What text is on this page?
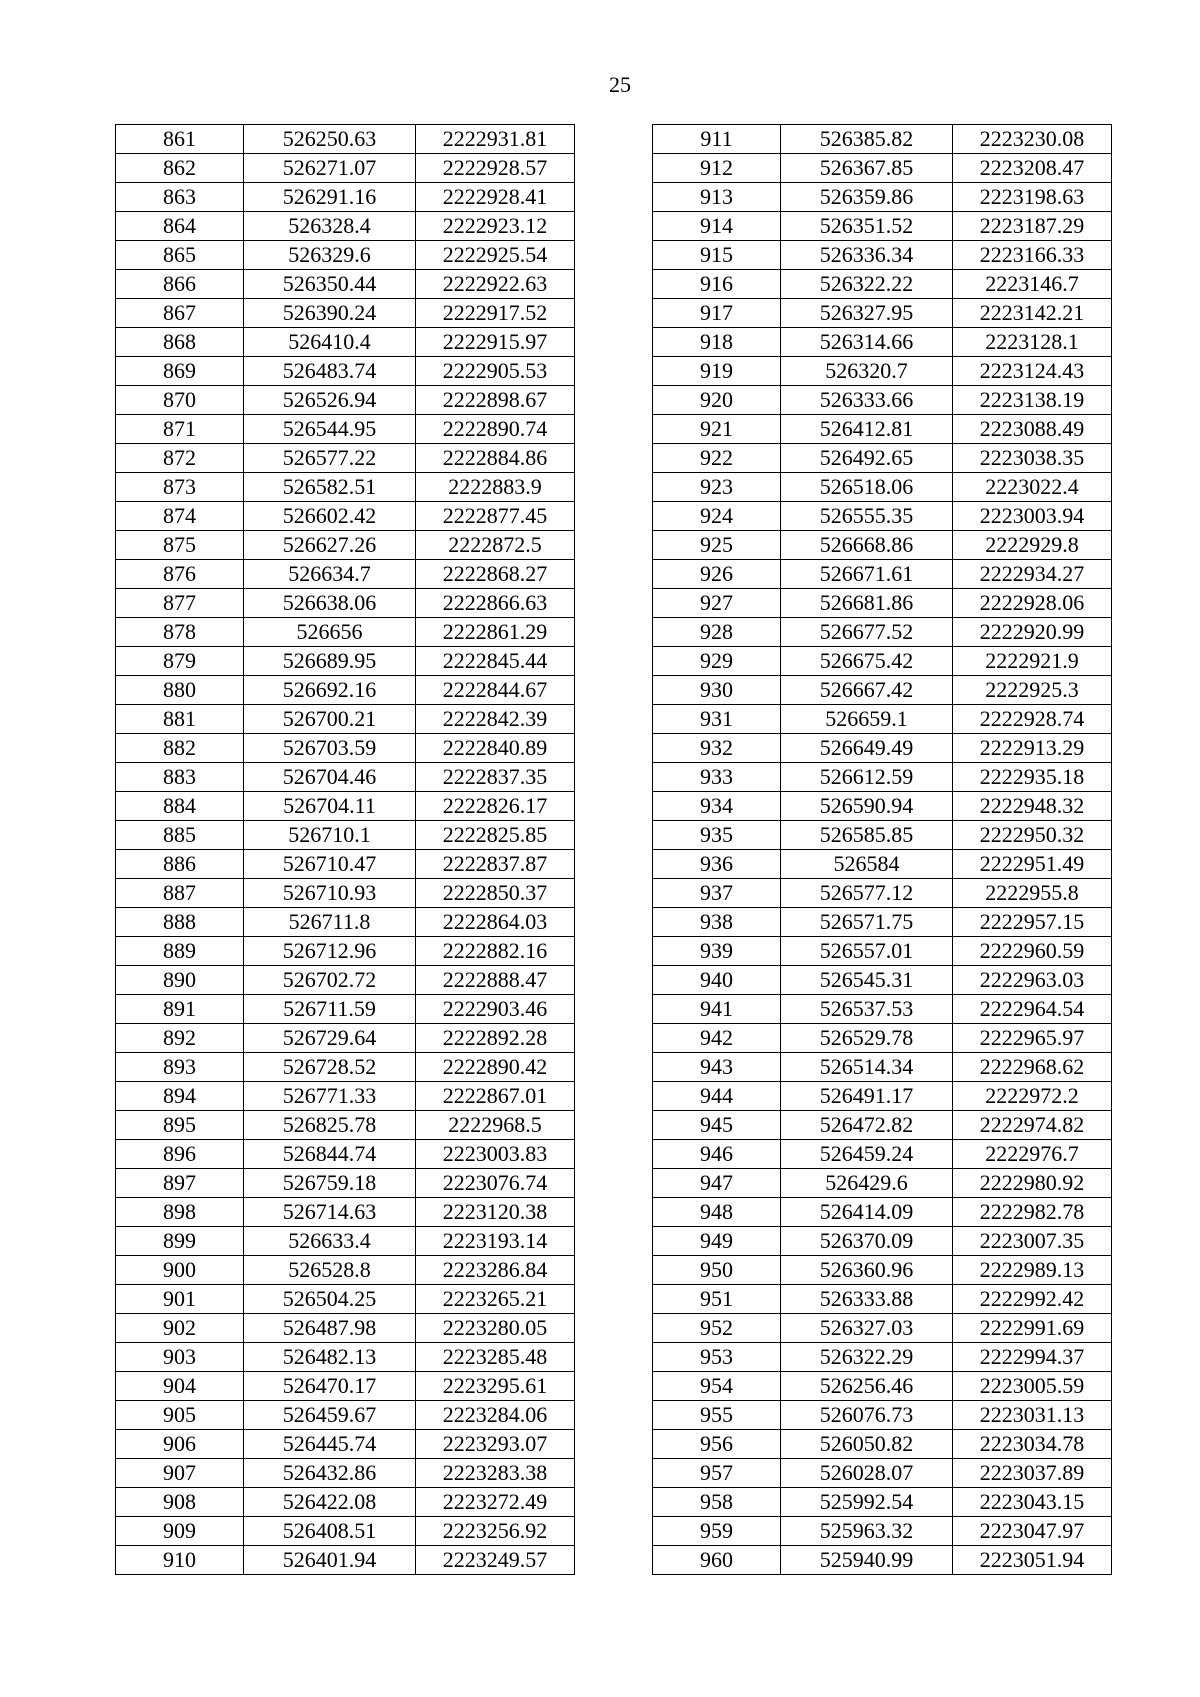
25
861	526250.63	2222931.81
862	526271.07	2222928.57
863	526291.16	2222928.41
864	526328.4	2222923.12
865	526329.6	2222925.54
866	526350.44	2222922.63
867	526390.24	2222917.52
868	526410.4	2222915.97
869	526483.74	2222905.53
870	526526.94	2222898.67
871	526544.95	2222890.74
872	526577.22	2222884.86
873	526582.51	2222883.9
874	526602.42	2222877.45
875	526627.26	2222872.5
876	526634.7	2222868.27
877	526638.06	2222866.63
878	526656	2222861.29
879	526689.95	2222845.44
880	526692.16	2222844.67
881	526700.21	2222842.39
882	526703.59	2222840.89
883	526704.46	2222837.35
884	526704.11	2222826.17
885	526710.1	2222825.85
886	526710.47	2222837.87
887	526710.93	2222850.37
888	526711.8	2222864.03
889	526712.96	2222882.16
890	526702.72	2222888.47
891	526711.59	2222903.46
892	526729.64	2222892.28
893	526728.52	2222890.42
894	526771.33	2222867.01
895	526825.78	2222968.5
896	526844.74	2223003.83
897	526759.18	2223076.74
898	526714.63	2223120.38
899	526633.4	2223193.14
900	526528.8	2223286.84
901	526504.25	2223265.21
902	526487.98	2223280.05
903	526482.13	2223285.48
904	526470.17	2223295.61
905	526459.67	2223284.06
906	526445.74	2223293.07
907	526432.86	2223283.38
908	526422.08	2223272.49
909	526408.51	2223256.92
910	526401.94	2223249.57
911	526385.82	2223230.08
912	526367.85	2223208.47
913	526359.86	2223198.63
914	526351.52	2223187.29
915	526336.34	2223166.33
916	526322.22	2223146.7
917	526327.95	2223142.21
918	526314.66	2223128.1
919	526320.7	2223124.43
920	526333.66	2223138.19
921	526412.81	2223088.49
922	526492.65	2223038.35
923	526518.06	2223022.4
924	526555.35	2223003.94
925	526668.86	2222929.8
926	526671.61	2222934.27
927	526681.86	2222928.06
928	526677.52	2222920.99
929	526675.42	2222921.9
930	526667.42	2222925.3
931	526659.1	2222928.74
932	526649.49	2222913.29
933	526612.59	2222935.18
934	526590.94	2222948.32
935	526585.85	2222950.32
936	526584	2222951.49
937	526577.12	2222955.8
938	526571.75	2222957.15
939	526557.01	2222960.59
940	526545.31	2222963.03
941	526537.53	2222964.54
942	526529.78	2222965.97
943	526514.34	2222968.62
944	526491.17	2222972.2
945	526472.82	2222974.82
946	526459.24	2222976.7
947	526429.6	2222980.92
948	526414.09	2222982.78
949	526370.09	2223007.35
950	526360.96	2222989.13
951	526333.88	2222992.42
952	526327.03	2222991.69
953	526322.29	2222994.37
954	526256.46	2223005.59
955	526076.73	2223031.13
956	526050.82	2223034.78
957	526028.07	2223037.89
958	525992.54	2223043.15
959	525963.32	2223047.97
960	525940.99	2223051.94
